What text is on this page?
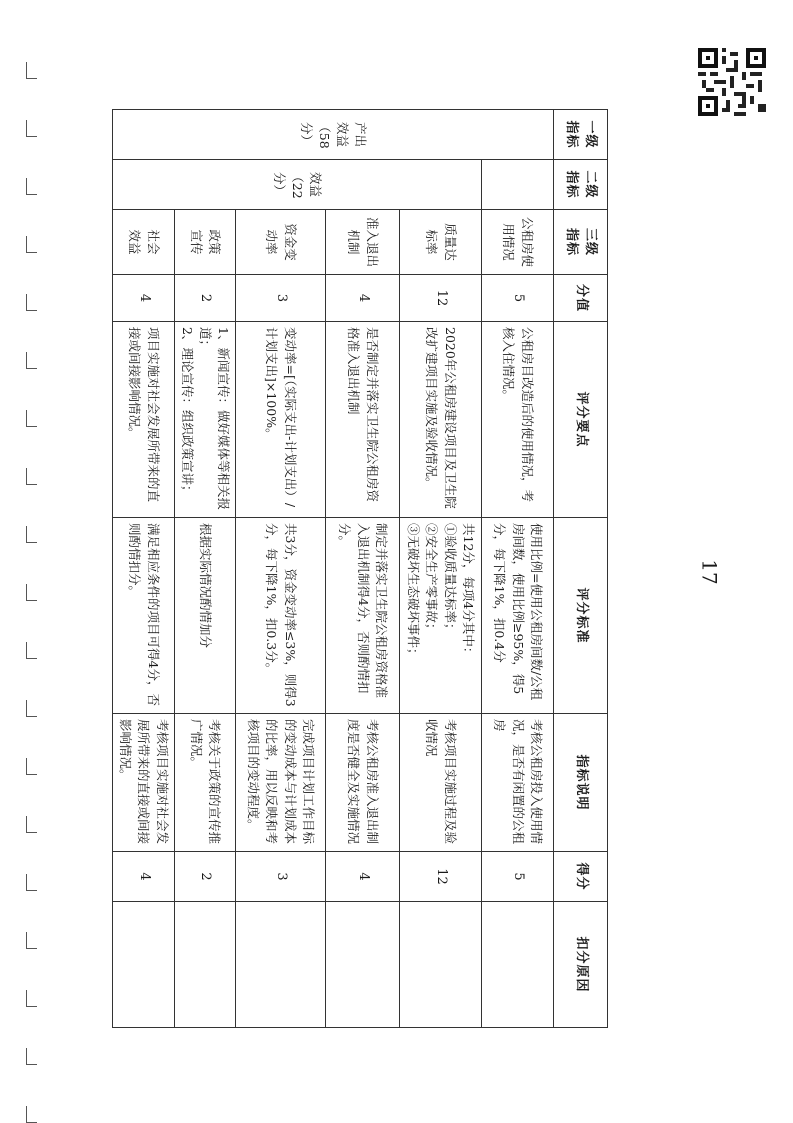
17
一级
指标	二级
指标	三级
指标	分值	评分要点	评分标准	指标说明	得分	扣分原因
产出
效益
（58
分）		公租房使
用情况	5	公租房目改造后的使用情况，考核入住情况。	使用比例=使用公租房间数/公租房间数，使用比例≥95%，得5分，每下降1%，扣0.4分	考核公租房投入使用情况，是否有闲置的公租房	5	
	效益
（22分）	质量达
标率	12	2020年公租房建设项目及卫生院改扩建项目实施及验收情况。	共12分，每项4分其中：
①验收质量达标率；
②安全生产零事故；
③无破坏生态破坏事件；	考核项目实施过程及验收情况	12	
		准入退出
机制	4	是否制定并落实卫生院公租房资格准入退出机制	制定并落实卫生院公租房资格准入退出机制得4分，否则酌情扣分。	考核公租房准入退出制度是否健全及实施情况	4	
		资金变
动率	3	变动率=[（实际支出-计划支出）/计划支出]×100%。	共3分，资金变动率≤3%，则得3分，每下降1%，扣0.3分。	完成项目计划工作目标的变动成本与计划成本的比率，用以反映和考核项目的变动程度。	3	
		政策
宣传	2	1、新闻宣传：做好媒体等相关报道；
2、理论宣传：组织政策宣讲；	根据实际情况酌情加分	考核关于政策的宣传推广情况。	2	
		社会
效益	4	项目实施对社会发展所带来的直接或间接影响情况。	满足相应条件的项目可得4分，否则酌情扣分。	考核项目实施对社会发展所带来的直接或间接影响情况。	4	
